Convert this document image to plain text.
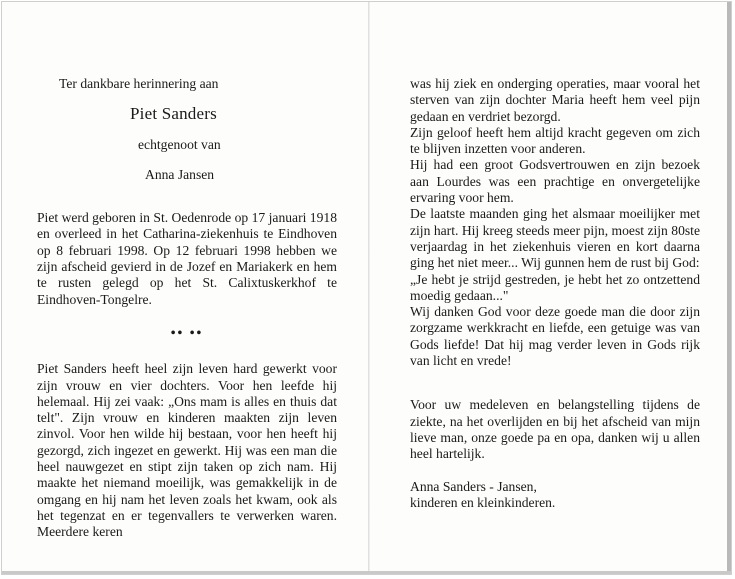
Ter dankbare herinnering aan
Piet Sanders
echtgenoot van
Anna Jansen
Piet werd geboren in St. Oedenrode op 17 januari 1918 en overleed in het Catharina-ziekenhuis te Eindhoven op 8 februari 1998. Op 12 februari 1998 hebben we zijn afscheid gevierd in de Jozef en Mariakerk en hem te rusten gelegd op het St. Calixtuskerkhof te Eindhoven-Tongelre.
•• ••
Piet Sanders heeft heel zijn leven hard gewerkt voor zijn vrouw en vier dochters. Voor hen leefde hij helemaal. Hij zei vaak: „Ons mam is alles en thuis dat telt". Zijn vrouw en kinderen maakten zijn leven zinvol. Voor hen wilde hij bestaan, voor hen heeft hij gezorgd, zich ingezet en gewerkt. Hij was een man die heel nauwgezet en stipt zijn taken op zich nam. Hij maakte het niemand moeilijk, was gemakkelijk in de omgang en hij nam het leven zoals het kwam, ook als het tegenzat en er tegenvallers te verwerken waren. Meerdere keren
was hij ziek en onderging operaties, maar vooral het sterven van zijn dochter Maria heeft hem veel pijn gedaan en verdriet bezorgd.
Zijn geloof heeft hem altijd kracht gegeven om zich te blijven inzetten voor anderen.
Hij had een groot Godsvertrouwen en zijn bezoek aan Lourdes was een prachtige en onvergetelijke ervaring voor hem.
De laatste maanden ging het alsmaar moeilijker met zijn hart. Hij kreeg steeds meer pijn, moest zijn 80ste verjaardag in het ziekenhuis vieren en kort daarna ging het niet meer... Wij gunnen hem de rust bij God:
„Je hebt je strijd gestreden, je hebt het zo ontzettend moedig gedaan..."
Wij danken God voor deze goede man die door zijn zorgzame werkkracht en liefde, een getuige was van Gods liefde! Dat hij mag verder leven in Gods rijk van licht en vrede!
Voor uw medeleven en belangstelling tijdens de ziekte, na het overlijden en bij het afscheid van mijn lieve man, onze goede pa en opa, danken wij u allen heel hartelijk.
Anna Sanders - Jansen,
kinderen en kleinkinderen.
